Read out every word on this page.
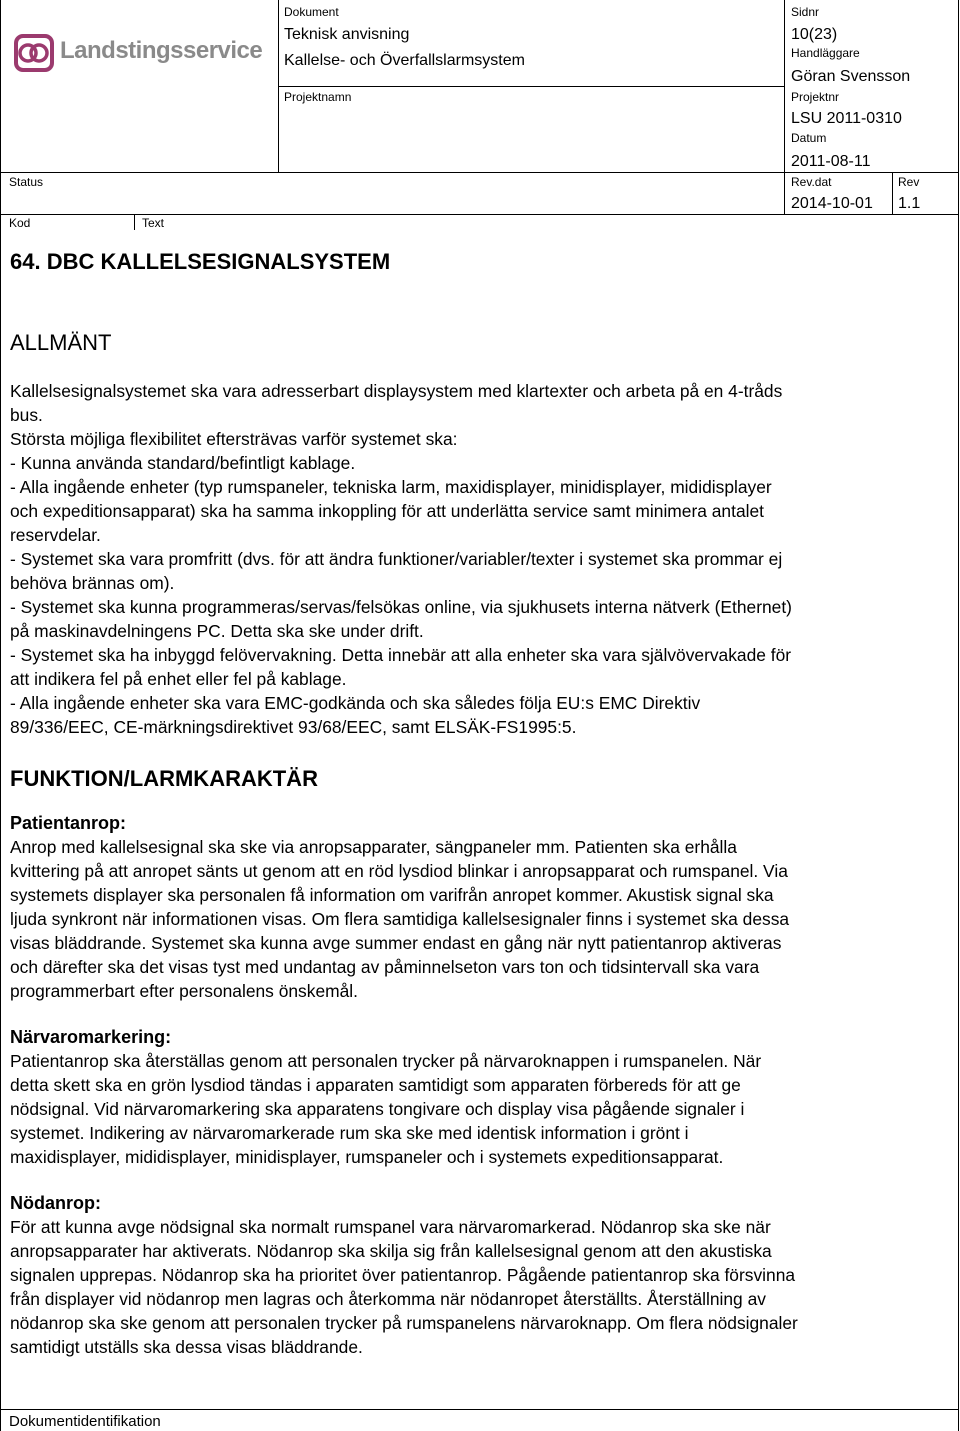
Landstingsservice
Dokument
Teknisk anvisning
Kallelse- och Överfallslarmsystem
Sidnr
10(23)
Handläggare
Göran Svensson
Projektnamn	Projektnr
LSU 2011-0310
Datum
2011-08-11
Status	Rev.dat
2014-10-01
Rev
1.1
Kod	Text
64. DBC KALLELSESIGNALSYSTEM
ALLMÄNT

Kallelsesignalsystemet ska vara adresserbart displaysystem med klartexter och arbeta på en 4-tråds
bus.
Största möjliga flexibilitet eftersträvas varför systemet ska:
- Kunna använda standard/befintligt kablage.
- Alla ingående enheter (typ rumspaneler, tekniska larm, maxidisplayer, minidisplayer, mididisplayer
och expeditionsapparat) ska ha samma inkoppling för att underlätta service samt minimera antalet
reservdelar.
- Systemet ska vara promfritt (dvs. för att ändra funktioner/variabler/texter i systemet ska prommar ej
behöva brännas om).
- Systemet ska kunna programmeras/servas/felsökas online, via sjukhusets interna nätverk (Ethernet)
på maskinavdelningens PC. Detta ska ske under drift.
- Systemet ska ha inbyggd felövervakning. Detta innebär att alla enheter ska vara självövervakade för
att indikera fel på enhet eller fel på kablage.
- Alla ingående enheter ska vara EMC-godkända och ska således följa EU:s EMC Direktiv
89/336/EEC, CE-märkningsdirektivet 93/68/EEC, samt ELSÄK-FS1995:5.

FUNKTION/LARMKARAKTÄR
Patientanrop:

Anrop med kallelsesignal ska ske via anropsapparater, sängpaneler mm. Patienten ska erhålla
kvittering på att anropet sänts ut genom att en röd lysdiod blinkar i anropsapparat och rumspanel. Via
systemets displayer ska personalen få information om varifrån anropet kommer. Akustisk signal ska
ljuda synkront när informationen visas. Om flera samtidiga kallelsesignaler finns i systemet ska dessa
visas bläddrande. Systemet ska kunna avge summer endast en gång när nytt patientanrop aktiveras
och därefter ska det visas tyst med undantag av påminnelseton vars ton och tidsintervall ska vara
programmerbart efter personalens önskemål.

Närvaromarkering:

Patientanrop ska återställas genom att personalen trycker på närvaroknappen i rumspanelen. När
detta skett ska en grön lysdiod tändas i apparaten samtidigt som apparaten förbereds för att ge
nödsignal. Vid närvaromarkering ska apparatens tongivare och display visa pågående signaler i
systemet. Indikering av närvaromarkerade rum ska ske med identisk information i grönt i
maxidisplayer, mididisplayer, minidisplayer, rumspaneler och i systemets expeditionsapparat.

Nödanrop:

För att kunna avge nödsignal ska normalt rumspanel vara närvaromarkerad. Nödanrop ska ske när
anropsapparater har aktiverats. Nödanrop ska skilja sig från kallelsesignal genom att den akustiska
signalen upprepas. Nödanrop ska ha prioritet över patientanrop. Pågående patientanrop ska försvinna
från displayer vid nödanrop men lagras och återkomma när nödanropet återställts. Återställning av
nödanrop ska ske genom att personalen trycker på rumspanelens närvaroknapp. Om flera nödsignaler
samtidigt utställs ska dessa visas bläddrande.

Dokumentidentifikation
